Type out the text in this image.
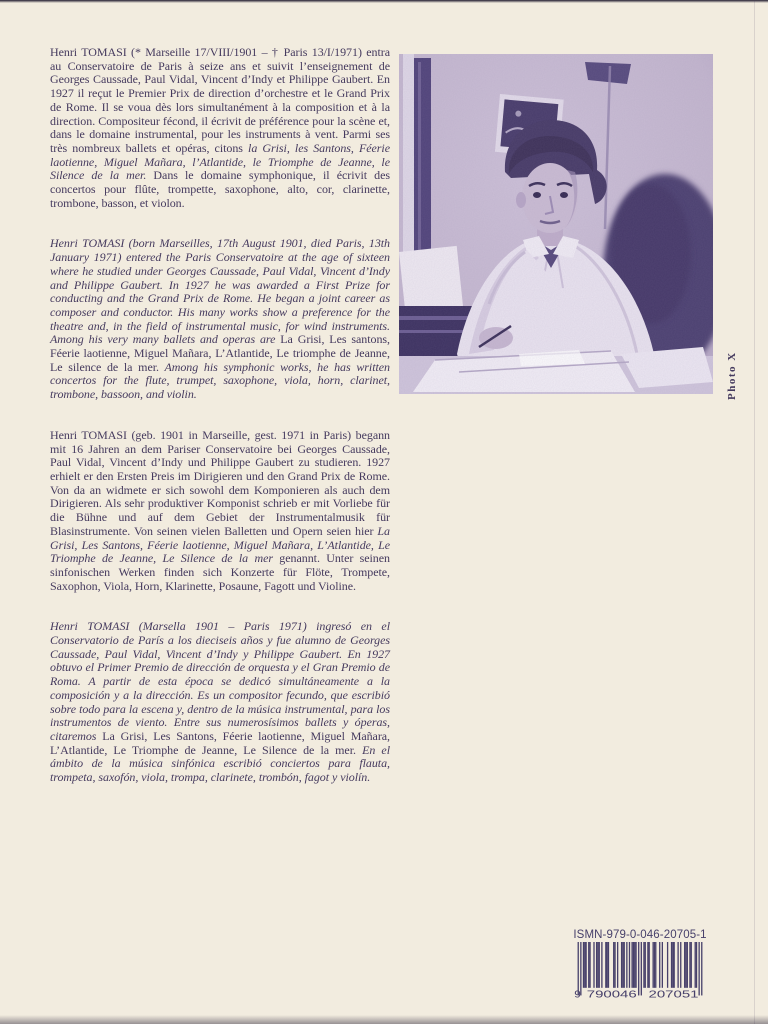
Henri TOMASI (* Marseille 17/VIII/1901 – † Paris 13/I/1971) entra au Conservatoire de Paris à seize ans et suivit l’enseignement de Georges Caussade, Paul Vidal, Vincent d’Indy et Philippe Gaubert. En 1927 il reçut le Premier Prix de direction d’orchestre et le Grand Prix de Rome. Il se voua dès lors simultanément à la composition et à la direction. Compositeur fécond, il écrivit de préférence pour la scène et, dans le domaine instrumental, pour les instruments à vent. Parmi ses très nombreux ballets et opéras, citons la Grisi, les Santons, Féerie laotienne, Miguel Mañara, l’Atlantide, le Triomphe de Jeanne, le Silence de la mer. Dans le domaine symphonique, il écrivit des concertos pour flûte, trompette, saxophone, alto, cor, clarinette, trombone, basson, et violon.

Henri TOMASI (born Marseilles, 17th August 1901, died Paris, 13th January 1971) entered the Paris Conservatoire at the age of sixteen where he studied under Georges Caussade, Paul Vidal, Vincent d’Indy and Philippe Gaubert. In 1927 he was awarded a First Prize for conducting and the Grand Prix de Rome. He began a joint career as composer and conductor. His many works show a preference for the theatre and, in the field of instrumental music, for wind instruments. Among his very many ballets and operas are La Grisi, Les santons, Féerie laotienne, Miguel Mañara, L’Atlantide, Le triomphe de Jeanne, Le silence de la mer. Among his symphonic works, he has written concertos for the flute, trumpet, saxophone, viola, horn, clarinet, trombone, bassoon, and violin.

Henri TOMASI (geb. 1901 in Marseille, gest. 1971 in Paris) begann mit 16 Jahren an dem Pariser Conservatoire bei Georges Caussade, Paul Vidal, Vincent d’Indy und Philippe Gaubert zu studieren. 1927 erhielt er den Ersten Preis im Dirigieren und den Grand Prix de Rome. Von da an widmete er sich sowohl dem Komponieren als auch dem Dirigieren. Als sehr produktiver Komponist schrieb er mit Vorliebe für die Bühne und auf dem Gebiet der Instrumentalmusik für Blasinstrumente. Von seinen vielen Balletten und Opern seien hier La Grisi, Les Santons, Féerie laotienne, Miguel Mañara, L’Atlantide, Le Triomphe de Jeanne, Le Silence de la mer genannt. Unter seinen sinfonischen Werken finden sich Konzerte für Flöte, Trompete, Saxophon, Viola, Horn, Klarinette, Posaune, Fagott und Violine.

Henri TOMASI (Marsella 1901 – Paris 1971) ingresó en el Conservatorio de París a los dieciseis años y fue alumno de Georges Caussade, Paul Vidal, Vincent d’Indy y Philippe Gaubert. En 1927 obtuvo el Primer Premio de dirección de orquesta y el Gran Premio de Roma. A partir de esta época se dedicó simultáneamente a la composición y a la dirección. Es un compositor fecundo, que escribió sobre todo para la escena y, dentro de la música instrumental, para los instrumentos de viento. Entre sus numerosísimos ballets y óperas, citaremos La Grisi, Les Santons, Féerie laotienne, Miguel Mañara, L’Atlantide, Le Triomphe de Jeanne, Le Silence de la mer. En el ámbito de la música sinfónica escribió conciertos para flauta, trompeta, saxofón, viola, trompa, clarinete, trombón, fagot y violín.

Photo X
ISMN-979-0-046-20705-1
9 790046 207051
